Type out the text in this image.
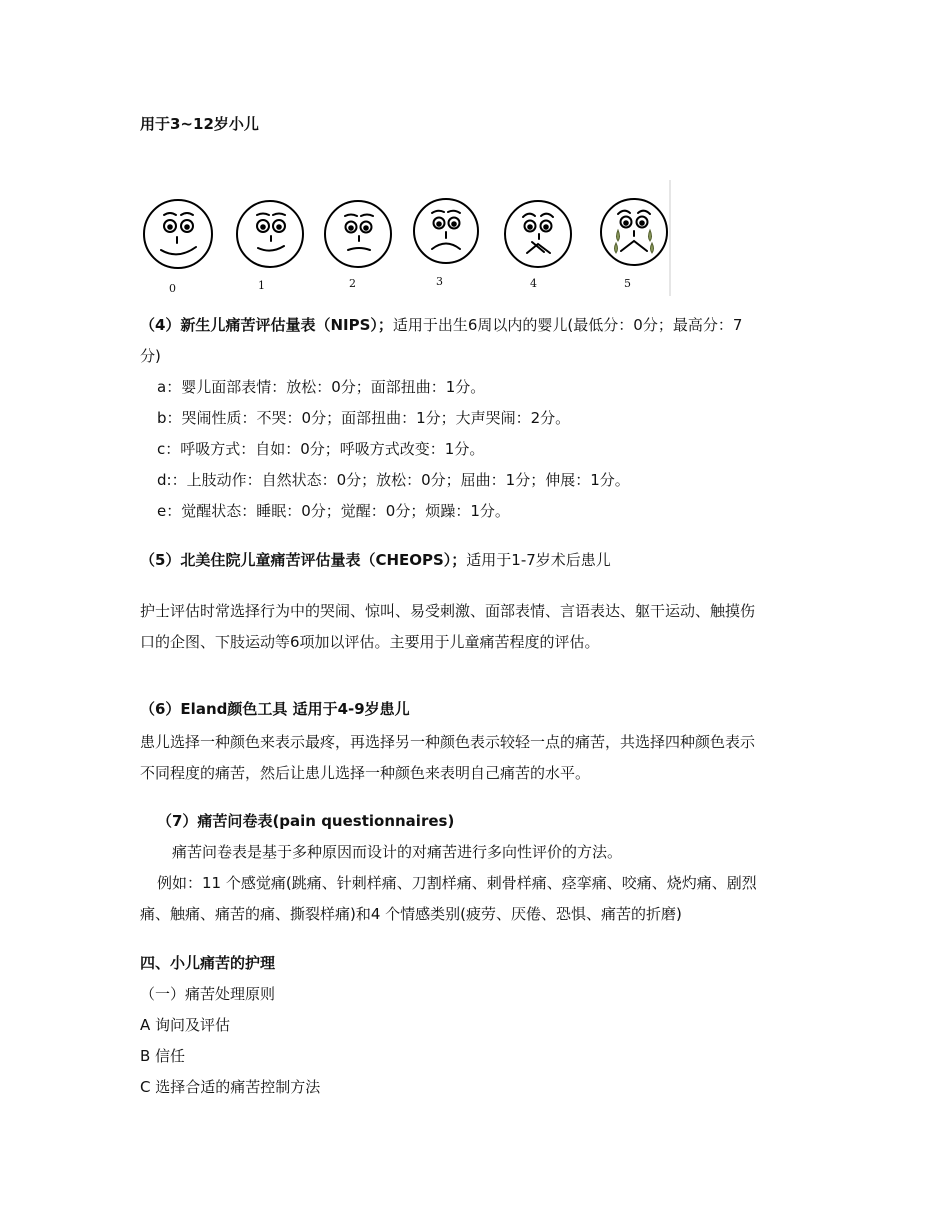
用于3~12岁小儿
0	1	2	3	4	5
（4）新生儿痛苦评估量表（NIPS）；适用于出生6周以内的婴儿(最低分：0分；最高分：7
分)
a：婴儿面部表情：放松：0分；面部扭曲：1分。
b：哭闹性质：不哭：0分；面部扭曲：1分；大声哭闹：2分。
c：呼吸方式：自如：0分；呼吸方式改变：1分。
d:：上肢动作：自然状态：0分；放松：0分；屈曲：1分；伸展：1分。
e：觉醒状态：睡眠：0分；觉醒：0分；烦躁：1分。
（5）北美住院儿童痛苦评估量表（CHEOPS）；适用于1-7岁术后患儿
护士评估时常选择行为中的哭闹、惊叫、易受刺激、面部表情、言语表达、躯干运动、触摸伤
口的企图、下肢运动等6项加以评估。主要用于儿童痛苦程度的评估。
（6）Eland颜色工具 适用于4-9岁患儿
患儿选择一种颜色来表示最疼，再选择另一种颜色表示较轻一点的痛苦，共选择四种颜色表示
不同程度的痛苦，然后让患儿选择一种颜色来表明自己痛苦的水平。
（7）痛苦问卷表(pain questionnaires)
痛苦问卷表是基于多种原因而设计的对痛苦进行多向性评价的方法。
例如：11 个感觉痛(跳痛、针刺样痛、刀割样痛、刺骨样痛、痉挛痛、咬痛、烧灼痛、剧烈
痛、触痛、痛苦的痛、撕裂样痛)和4 个情感类别(疲劳、厌倦、恐惧、痛苦的折磨)
四、小儿痛苦的护理
（一）痛苦处理原则
A 询问及评估
B 信任
C 选择合适的痛苦控制方法
